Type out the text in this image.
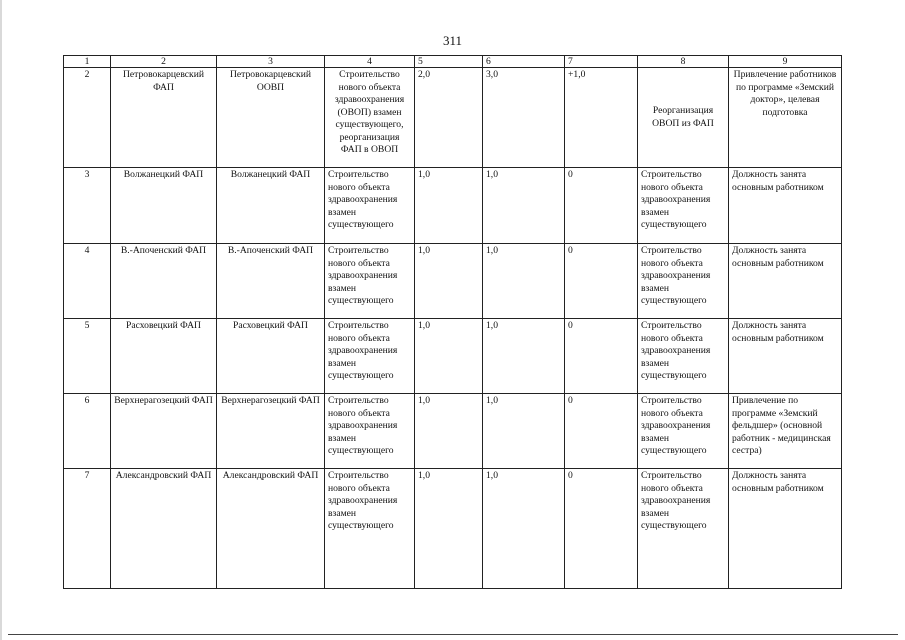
311
1	2	3	4	5	6	7	8	9
2	Петровокарцевский ФАП	Петровокарцевский ООВП	Строительство нового объекта здравоохранения (ОВОП) взамен существующего, реорганизация ФАП в ОВОП	2,0	3,0	+1,0	Реорганизация ОВОП из ФАП	Привлечение работников по программе «Земский доктор», целевая подготовка
3	Волжанецкий ФАП	Волжанецкий ФАП	Строительство нового объекта здравоохранения взамен существующего	1,0	1,0	0	Строительство нового объекта здравоохранения взамен существующего	Должность занята основным работником
4	В.-Апоченский ФАП	В.-Апоченский ФАП	Строительство нового объекта здравоохранения взамен существующего	1,0	1,0	0	Строительство нового объекта здравоохранения взамен существующего	Должность занята основным работником
5	Расховецкий ФАП	Расховецкий ФАП	Строительство нового объекта здравоохранения взамен существующего	1,0	1,0	0	Строительство нового объекта здравоохранения взамен существующего	Должность занята основным работником
6	Верхнерагозецкий ФАП	Верхнерагозецкий ФАП	Строительство нового объекта здравоохранения взамен существующего	1,0	1,0	0	Строительство нового объекта здравоохранения взамен существующего	Привлечение по программе «Земский фельдшер» (основной работник - медицинская сестра)
7	Александровский ФАП	Александровский ФАП	Строительство нового объекта здравоохранения взамен существующего	1,0	1,0	0	Строительство нового объекта здравоохранения взамен существующего	Должность занята основным работником
